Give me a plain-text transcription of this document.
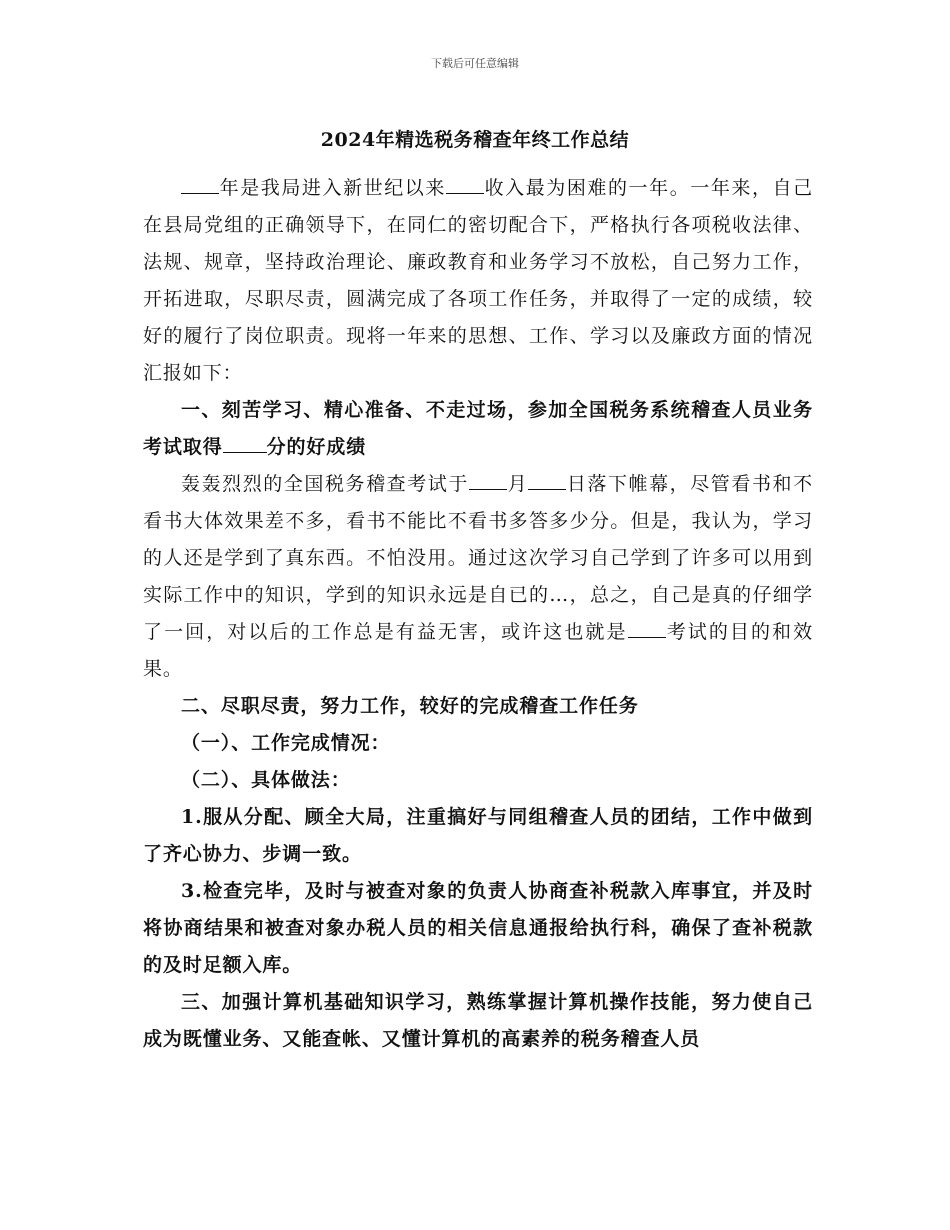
下载后可任意编辑
2024年精选税务稽查年终工作总结

年是我局进入新世纪以来 收入最为困难的一年。一年来，自己在县局党组的正确领导下，在同仁的密切配合下，严格执行各项税收法律、法规、规章，坚持政治理论、廉政教育和业务学习不放松，自己努力工作，开拓进取，尽职尽责，圆满完成了各项工作任务，并取得了一定的成绩，较好的履行了岗位职责。现将一年来的思想、工作、学习以及廉政方面的情况汇报如下：

一、刻苦学习、精心准备、不走过场，参加全国税务系统稽查人员业务考试取得 分的好成绩

轰轰烈烈的全国税务稽查考试于 月 日落下帷幕，尽管看书和不看书大体效果差不多，看书不能比不看书多答多少分。但是，我认为，学习的人还是学到了真东西。不怕没用。通过这次学习自己学到了许多可以用到实际工作中的知识，学到的知识永远是自已的…，总之，自己是真的仔细学了一回，对以后的工作总是有益无害，或许这也就是 考试的目的和效果。

二、尽职尽责，努力工作，较好的完成稽查工作任务

（一）、工作完成情况：

（二）、具体做法：

1.服从分配、顾全大局，注重搞好与同组稽查人员的团结，工作中做到了齐心协力、步调一致。

3.检查完毕，及时与被查对象的负责人协商查补税款入库事宜，并及时将协商结果和被查对象办税人员的相关信息通报给执行科，确保了查补税款的及时足额入库。

三、加强计算机基础知识学习，熟练掌握计算机操作技能，努力使自己成为既懂业务、又能查帐、又懂计算机的高素养的税务稽查人员
